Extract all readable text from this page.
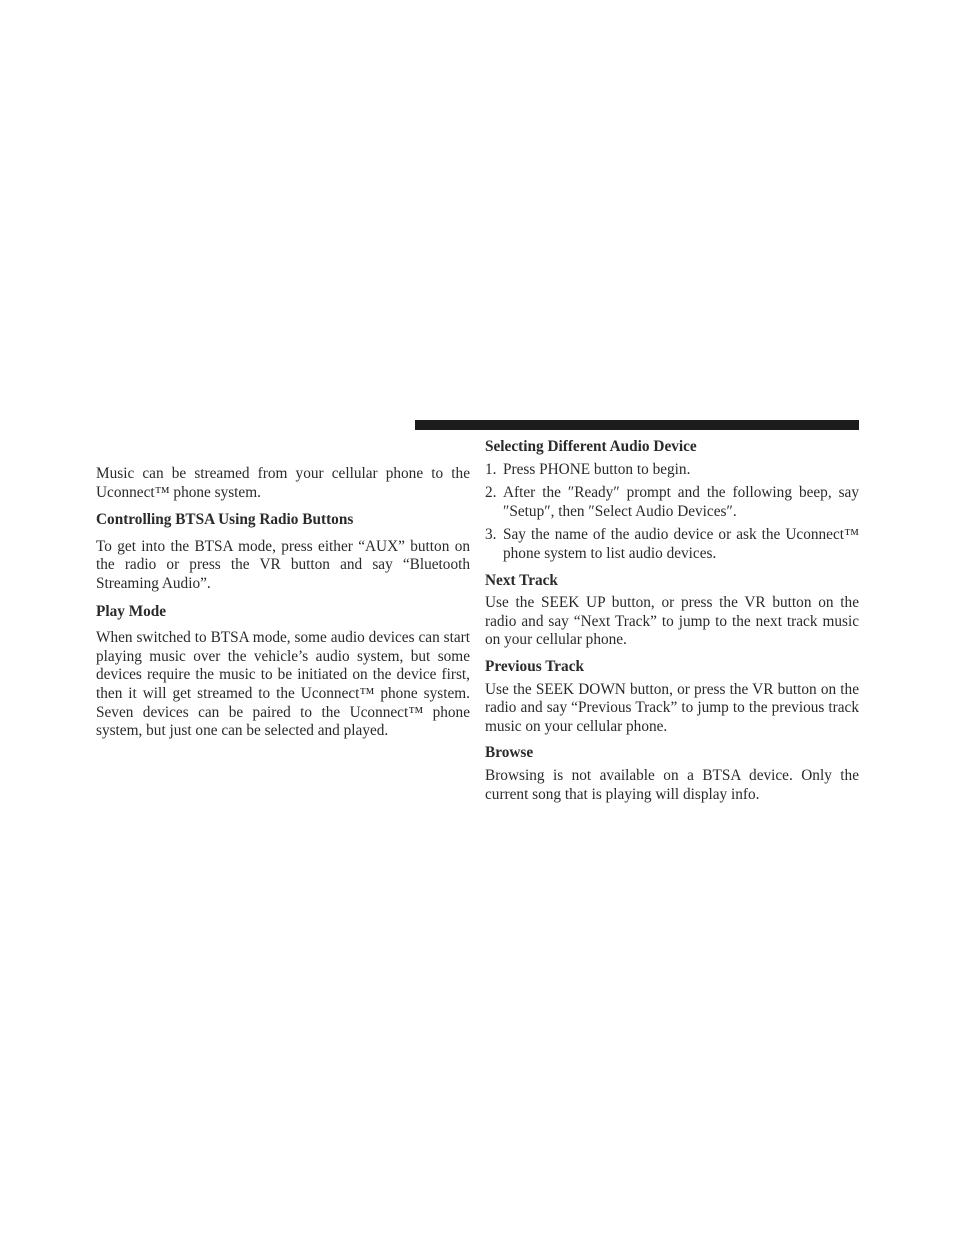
Music can be streamed from your cellular phone to the Uconnect™ phone system.

Controlling BTSA Using Radio Buttons

To get into the BTSA mode, press either “AUX” button on the radio or press the VR button and say “Bluetooth Streaming Audio”.

Play Mode

When switched to BTSA mode, some audio devices can start playing music over the vehicle’s audio system, but some devices require the music to be initiated on the device first, then it will get streamed to the Uconnect™ phone system. Seven devices can be paired to the Uconnect™ phone system, but just one can be selected and played.

Selecting Different Audio Device
1. Press PHONE button to begin.
2. After the ″Ready″ prompt and the following beep, say ″Setup″, then ″Select Audio Devices″.
3. Say the name of the audio device or ask the Uconnect™ phone system to list audio devices.
Next Track

Use the SEEK UP button, or press the VR button on the radio and say “Next Track” to jump to the next track music on your cellular phone.

Previous Track

Use the SEEK DOWN button, or press the VR button on the radio and say “Previous Track” to jump to the previous track music on your cellular phone.

Browse

Browsing is not available on a BTSA device. Only the current song that is playing will display info.
